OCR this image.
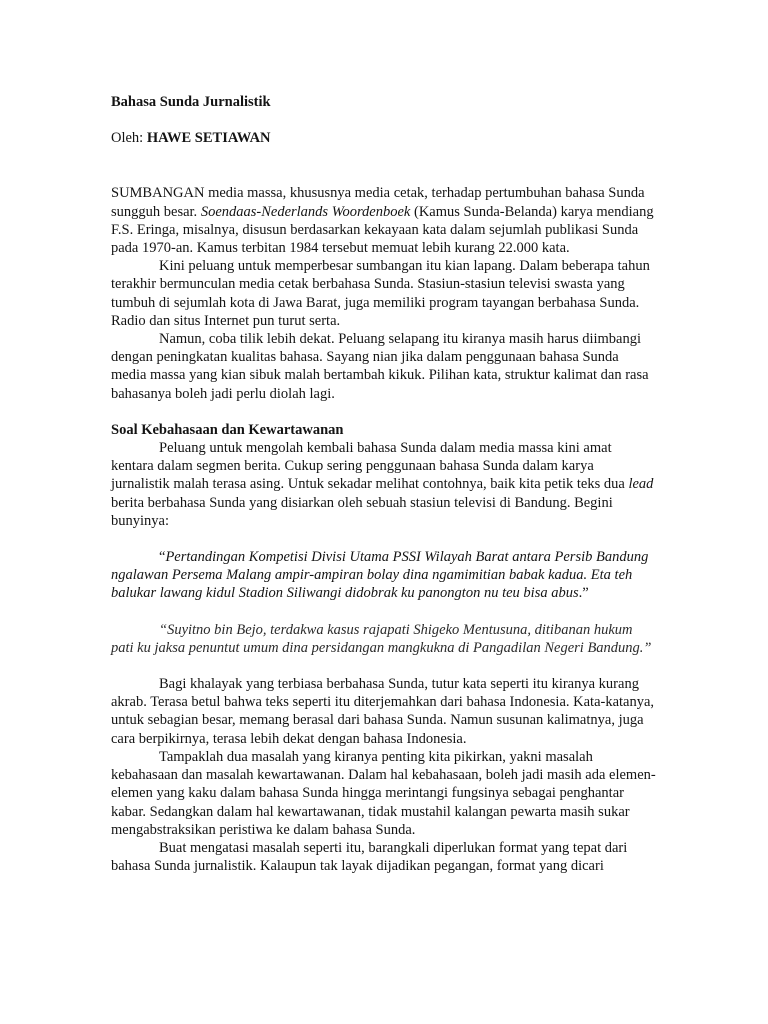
Bahasa Sunda Jurnalistik

Oleh: HAWE SETIAWAN

SUMBANGAN media massa, khususnya media cetak, terhadap pertumbuhan bahasa Sunda sungguh besar. Soendaas-Nederlands Woordenboek (Kamus Sunda-Belanda) karya mendiang F.S. Eringa, misalnya, disusun berdasarkan kekayaan kata dalam sejumlah publikasi Sunda pada 1970-an. Kamus terbitan 1984 tersebut memuat lebih kurang 22.000 kata.

Kini peluang untuk memperbesar sumbangan itu kian lapang. Dalam beberapa tahun terakhir bermunculan media cetak berbahasa Sunda. Stasiun-stasiun televisi swasta yang tumbuh di sejumlah kota di Jawa Barat, juga memiliki program tayangan berbahasa Sunda. Radio dan situs Internet pun turut serta.

Namun, coba tilik lebih dekat. Peluang selapang itu kiranya masih harus diimbangi dengan peningkatan kualitas bahasa. Sayang nian jika dalam penggunaan bahasa Sunda media massa yang kian sibuk malah bertambah kikuk. Pilihan kata, struktur kalimat dan rasa bahasanya boleh jadi perlu diolah lagi.

Soal Kebahasaan dan Kewartawanan

Peluang untuk mengolah kembali bahasa Sunda dalam media massa kini amat kentara dalam segmen berita. Cukup sering penggunaan bahasa Sunda dalam karya jurnalistik malah terasa asing. Untuk sekadar melihat contohnya, baik kita petik teks dua lead berita berbahasa Sunda yang disiarkan oleh sebuah stasiun televisi di Bandung. Begini bunyinya:

“Pertandingan Kompetisi Divisi Utama PSSI Wilayah Barat antara Persib Bandung ngalawan Persema Malang ampir-ampiran bolay dina ngamimitian babak kadua. Eta teh balukar lawang kidul Stadion Siliwangi didobrak ku panongton nu teu bisa abus.”

“Suyitno bin Bejo, terdakwa kasus rajapati Shigeko Mentusuna, ditibanan hukum pati ku jaksa penuntut umum dina persidangan mangkukna di Pangadilan Negeri Bandung.”

Bagi khalayak yang terbiasa berbahasa Sunda, tutur kata seperti itu kiranya kurang akrab. Terasa betul bahwa teks seperti itu diterjemahkan dari bahasa Indonesia. Kata-katanya, untuk sebagian besar, memang berasal dari bahasa Sunda. Namun susunan kalimatnya, juga cara berpikirnya, terasa lebih dekat dengan bahasa Indonesia.

Tampaklah dua masalah yang kiranya penting kita pikirkan, yakni masalah kebahasaan dan masalah kewartawanan. Dalam hal kebahasaan, boleh jadi masih ada elemen-elemen yang kaku dalam bahasa Sunda hingga merintangi fungsinya sebagai penghantar kabar. Sedangkan dalam hal kewartawanan, tidak mustahil kalangan pewarta masih sukar mengabstraksikan peristiwa ke dalam bahasa Sunda.

Buat mengatasi masalah seperti itu, barangkali diperlukan format yang tepat dari bahasa Sunda jurnalistik. Kalaupun tak layak dijadikan pegangan, format yang dicari
